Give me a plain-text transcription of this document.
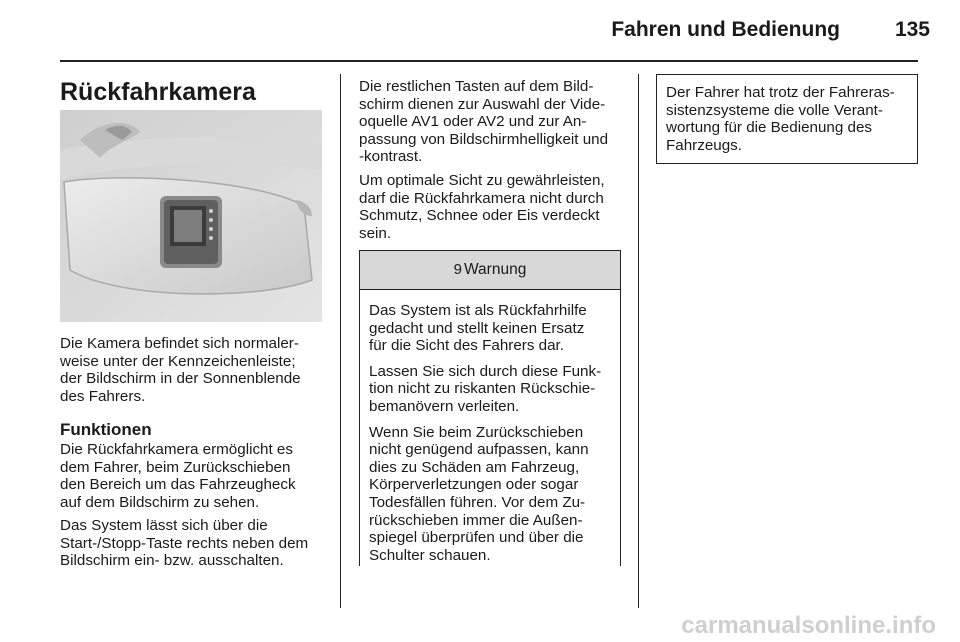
Fahren und Bedienung	135
Rückfahrkamera

Die Kamera befindet sich normaler-
weise unter der Kennzeichenleiste;
der Bildschirm in der Sonnenblende
des Fahrers.

Funktionen

Die Rückfahrkamera ermöglicht es
dem Fahrer, beim Zurückschieben
den Bereich um das Fahrzeugheck
auf dem Bildschirm zu sehen.

Das System lässt sich über die
Start-/Stopp-Taste rechts neben dem
Bildschirm ein- bzw. ausschalten.

Die restlichen Tasten auf dem Bild-
schirm dienen zur Auswahl der Vide-
oquelle AV1 oder AV2 und zur An-
passung von Bildschirmhelligkeit und
-kontrast.

Um optimale Sicht zu gewährleisten,
darf die Rückfahrkamera nicht durch
Schmutz, Schnee oder Eis verdeckt
sein.

9 Warnung

Das System ist als Rückfahrhilfe
gedacht und stellt keinen Ersatz
für die Sicht des Fahrers dar.

Lassen Sie sich durch diese Funk-
tion nicht zu riskanten Rückschie-
bemanövern verleiten.

Wenn Sie beim Zurückschieben
nicht genügend aufpassen, kann
dies zu Schäden am Fahrzeug,
Körperverletzungen oder sogar
Todesfällen führen. Vor dem Zu-
rückschieben immer die Außen-
spiegel überprüfen und über die
Schulter schauen.

Der Fahrer hat trotz der Fahreras-
sistenzsysteme die volle Verant-
wortung für die Bedienung des
Fahrzeugs.

carmanualsonline.info
